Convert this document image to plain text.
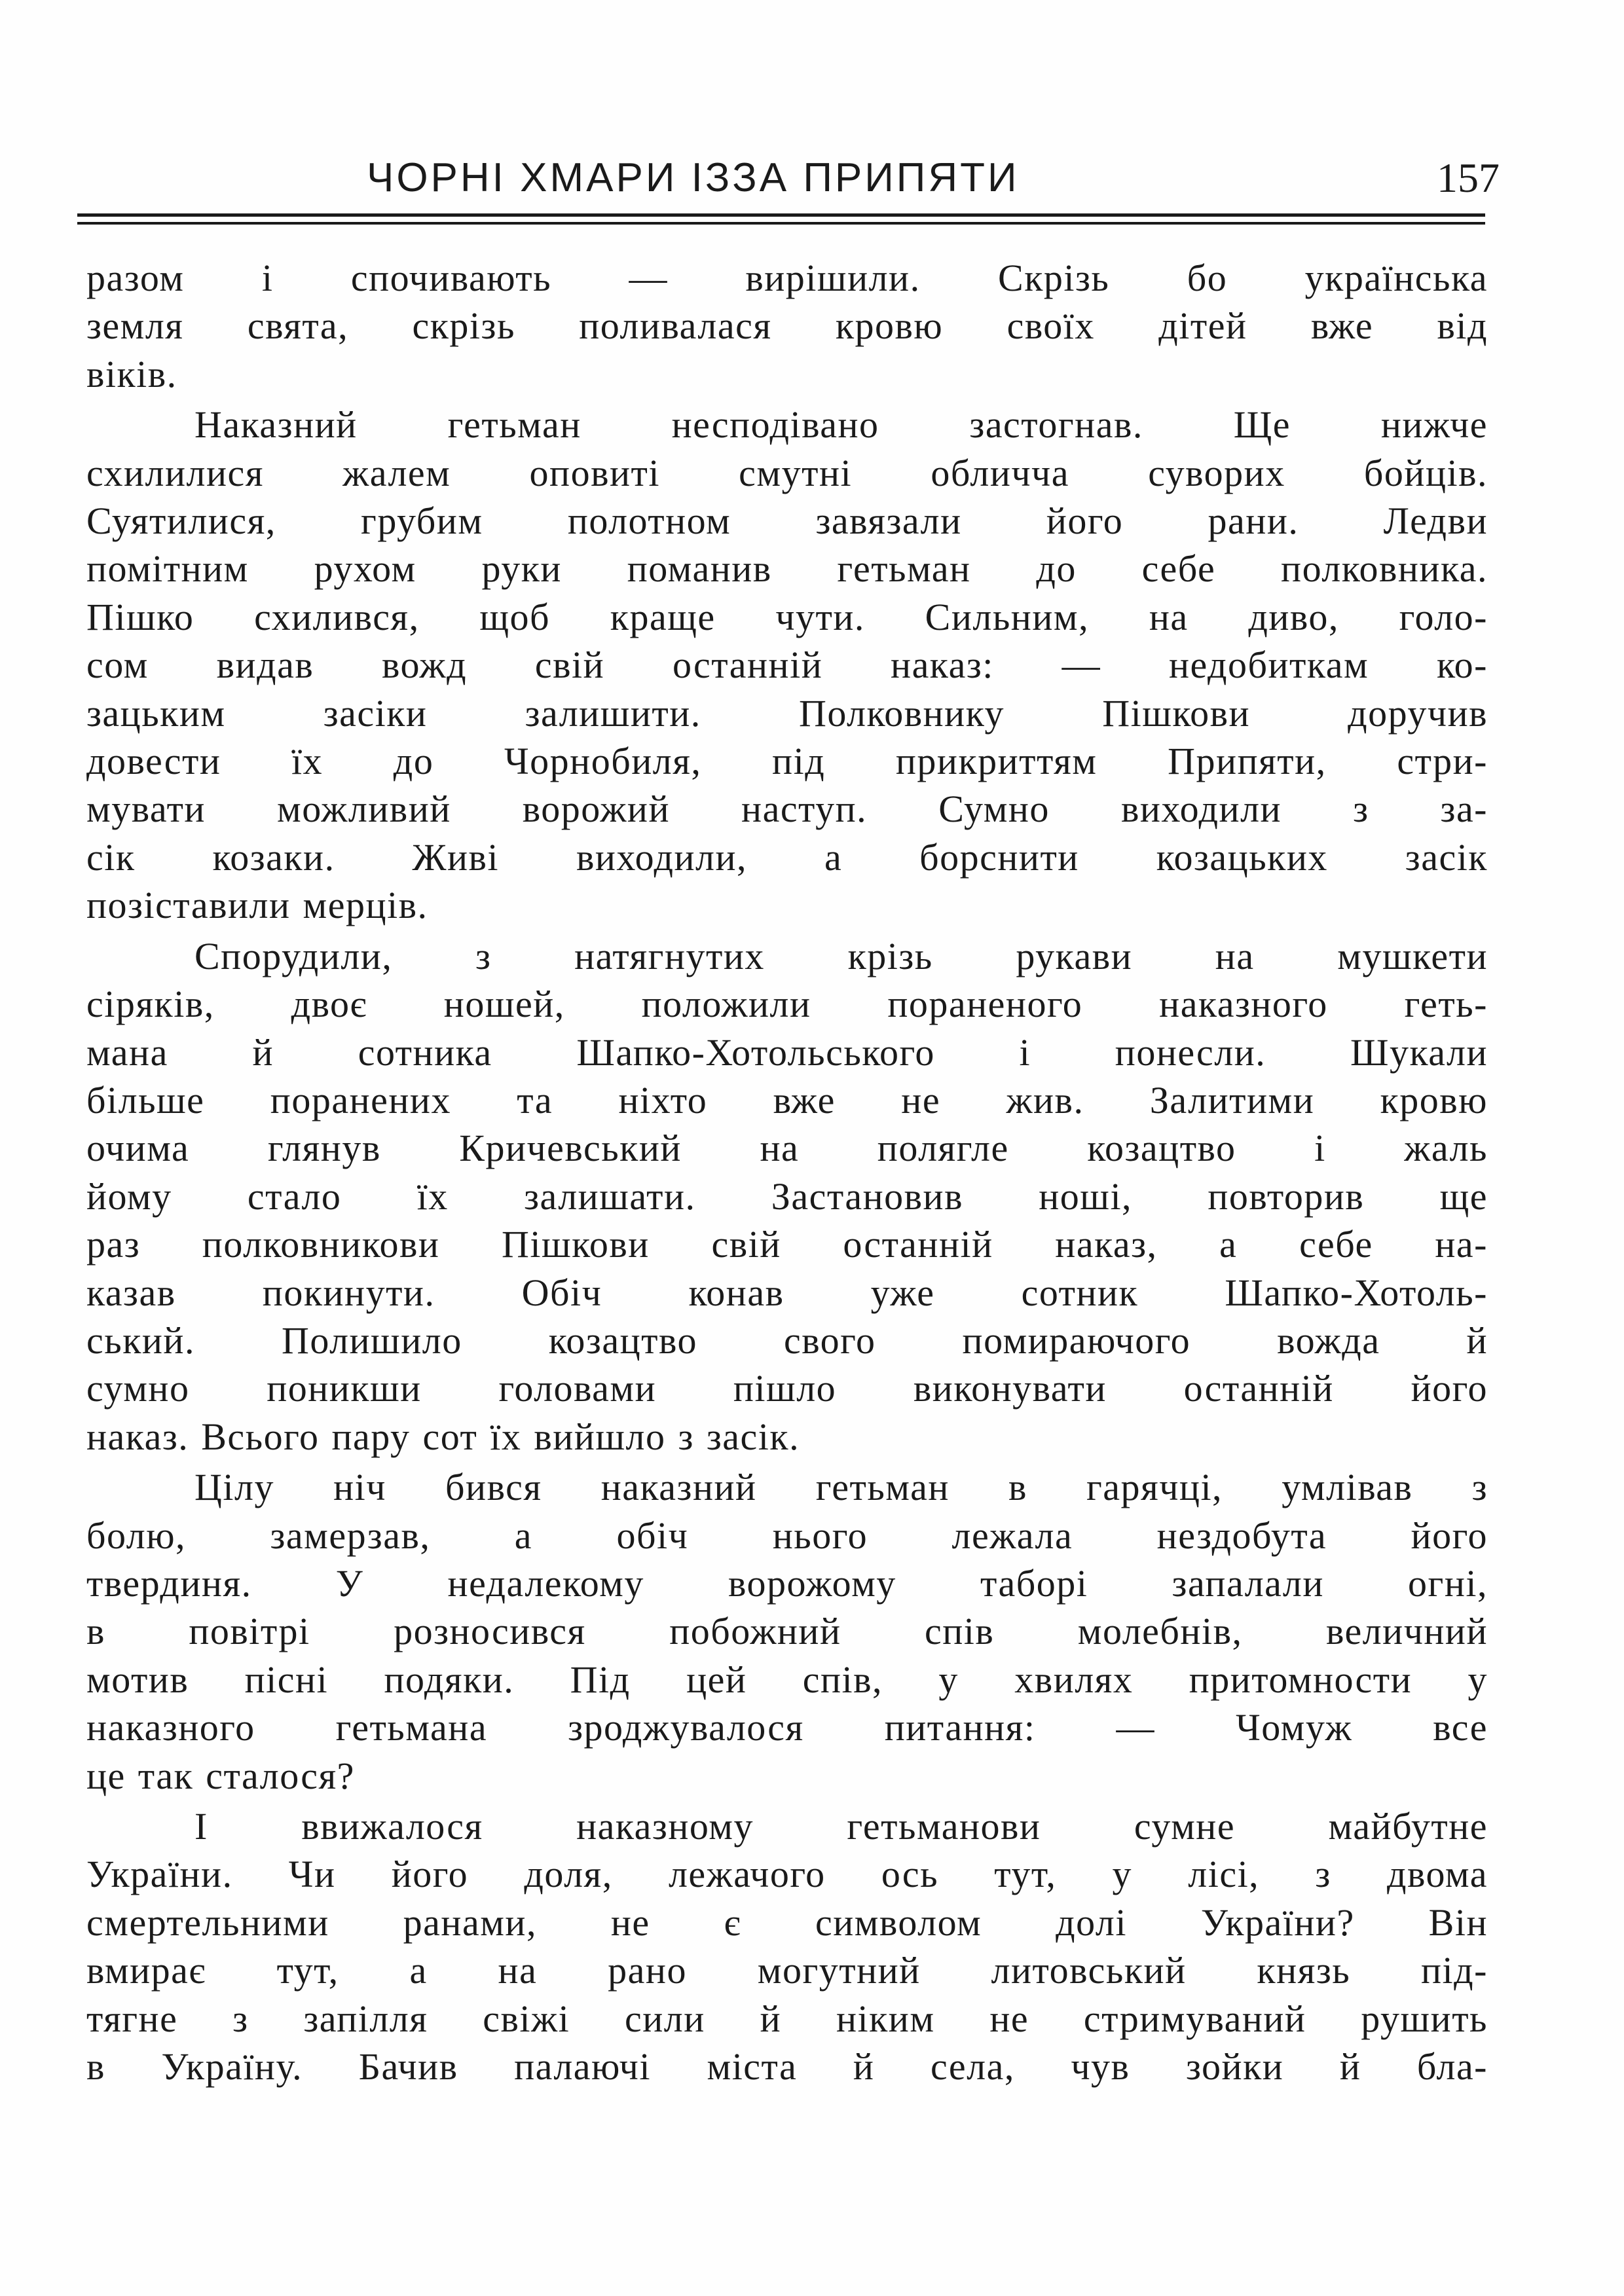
ЧОРНІ ХМАРИ ІЗЗА ПРИПЯТИ	157

разом і спочивають — вирішили. Скрізь бо українська
земля свята, скрізь поливалася кровю своїх дітей вже від
віків.

Наказний гетьман несподівано застогнав. Ще нижче
схилилися жалем оповиті смутні обличча суворих бойців.
Суятилися, грубим полотном завязали його рани. Ледви
помітним рухом руки поманив гетьман до себе полковника.
Пішко схилився, щоб краще чути. Сильним, на диво, голо-
сом видав вожд свій останній наказ: — недобиткам ко-
зацьким засіки залишити. Полковнику Пішкови доручив
довести їх до Чорнобиля, під прикриттям Припяти, стри-
мувати можливий ворожий наступ. Сумно виходили з за-
сік козаки. Живі виходили, а борснити козацьких засік
позіставили мерців.

Спорудили, з натягнутих крізь рукави на мушкети
сіряків, двоє ношей, положили пораненого наказного геть-
мана й сотника Шапко-Хотольського і понесли. Шукали
більше поранених та ніхто вже не жив. Залитими кровю
очима глянув Кричевський на полягле козацтво і жаль
йому стало їх залишати. Застановив ноші, повторив ще
раз полковникови Пішкови свій останній наказ, а себе на-
казав покинути. Обіч конав уже сотник Шапко-Хотоль-
ський. Полишило козацтво свого помираючого вожда й
сумно поникши головами пішло виконувати останній його
наказ. Всього пару сот їх вийшло з засік.

Цілу ніч бився наказний гетьман в гарячці, умлівав з
болю, замерзав, а обіч нього лежала нездобута його
твердиня. У недалекому ворожому таборі запалали огні,
в повітрі розносився побожний спів молебнів, величний
мотив пісні подяки. Під цей спів, у хвилях притомности у
наказного гетьмана зроджувалося питання: — Чомуж все
це так сталося?

І ввижалося наказному гетьманови сумне майбутне
України. Чи його доля, лежачого ось тут, у лісі, з двома
смертельними ранами, не є символом долі України? Він
вмирає тут, а на рано могутний литовський князь під-
тягне з запілля свіжі сили й ніким не стримуваний рушить
в Україну. Бачив палаючі міста й села, чув зойки й бла-
